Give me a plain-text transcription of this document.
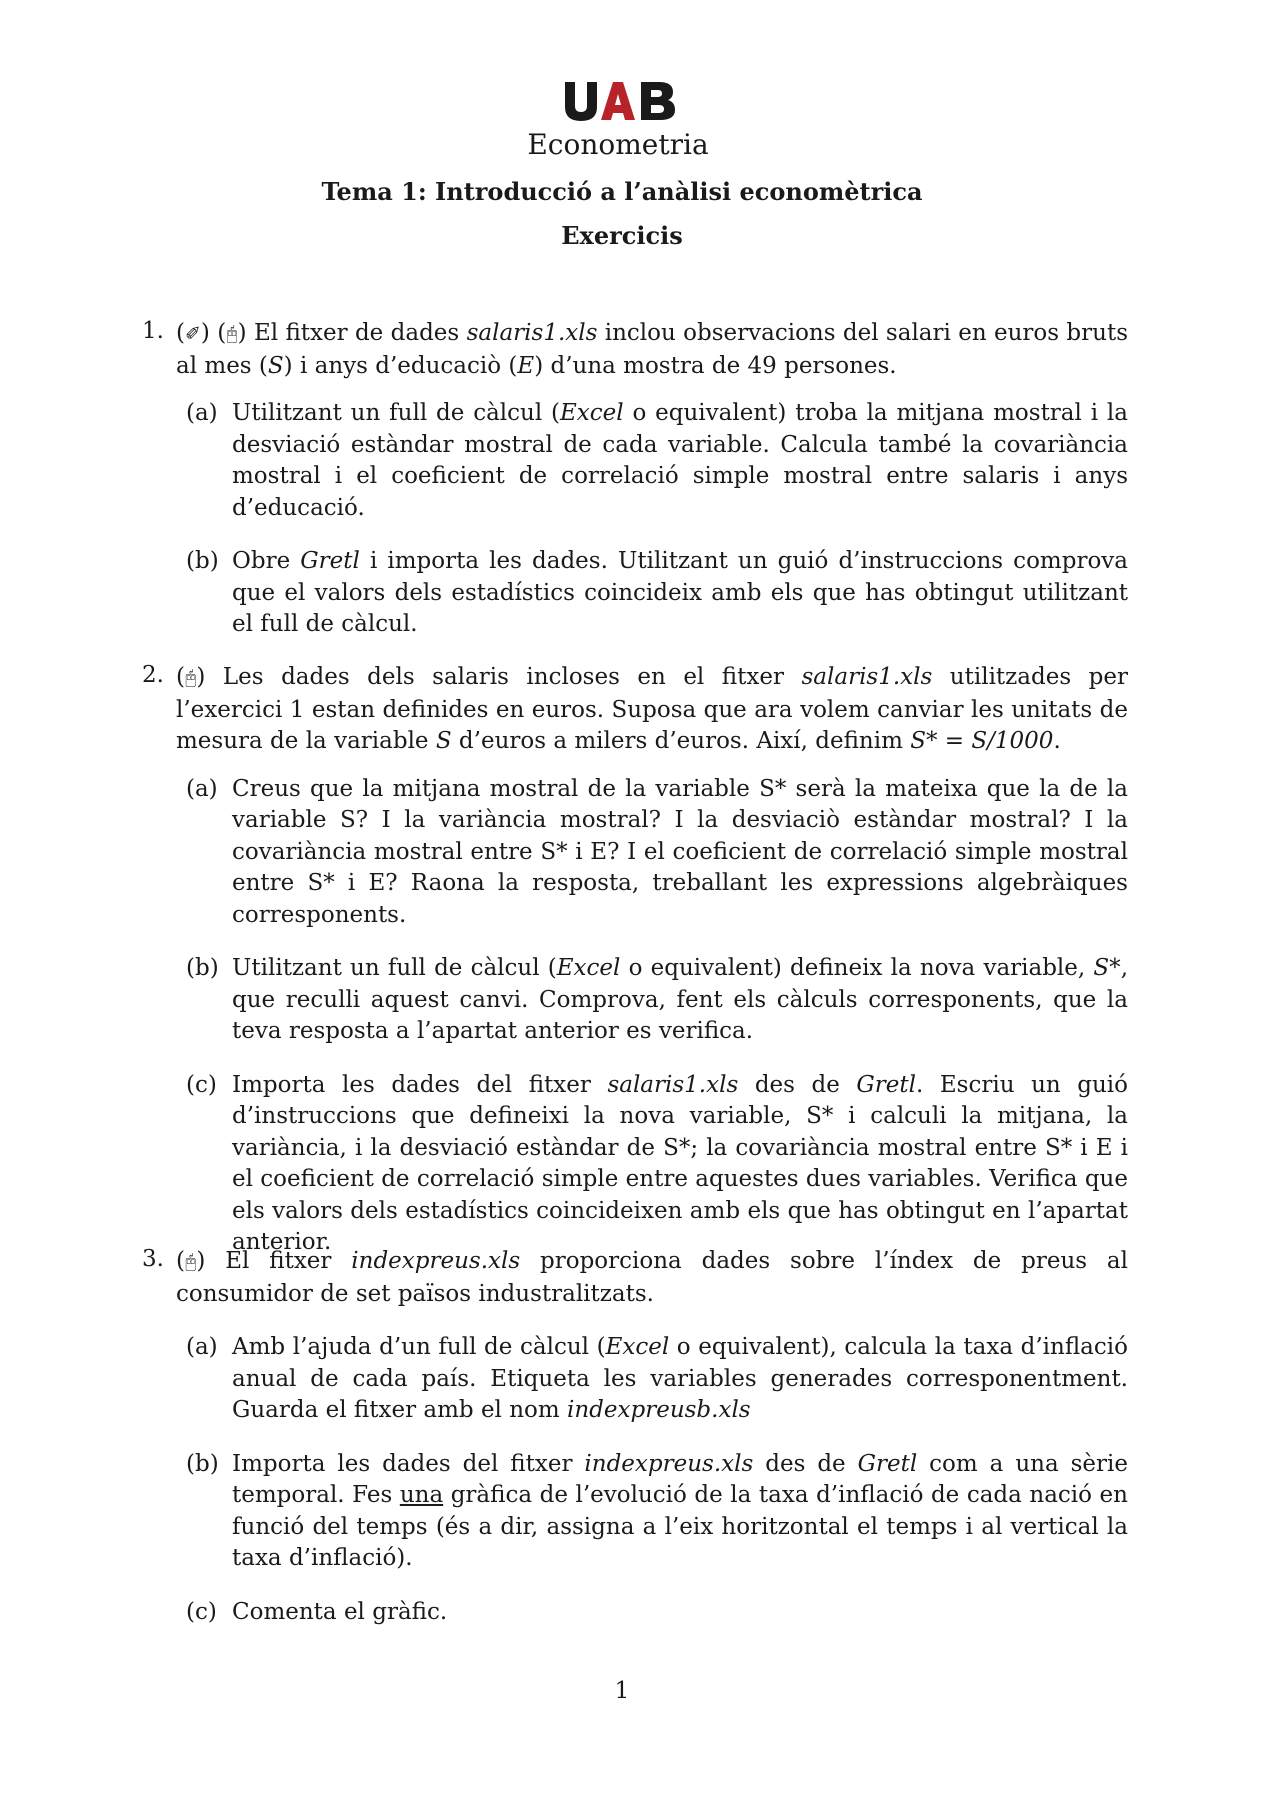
Econometria
Tema 1: Introducció a l’anàlisi economètrica
Exercicis
1. (✐) (🖰) El fitxer de dades salaris1.xls inclou observacions del salari en euros bruts al mes (S) i anys d’educaciò (E) d’una mostra de 49 persones.
(a) Utilitzant un full de càlcul (Excel o equivalent) troba la mitjana mostral i la desviació estàndar mostral de cada variable. Calcula també la covariància mostral i el coeficient de correlació simple mostral entre salaris i anys d’educació.
(b) Obre Gretl i importa les dades. Utilitzant un guió d’instruccions comprova que el valors dels estadístics coincideix amb els que has obtingut utilitzant el full de càlcul.
2. (🖰) Les dades dels salaris incloses en el fitxer salaris1.xls utilitzades per l’exercici 1 estan definides en euros. Suposa que ara volem canviar les unitats de mesura de la variable S d’euros a milers d’euros. Així, definim S* = S/1000.
(a) Creus que la mitjana mostral de la variable S* serà la mateixa que la de la variable S? I la variància mostral? I la desviaciò estàndar mostral? I la covariància mostral entre S* i E? I el coeficient de correlació simple mostral entre S* i E? Raona la resposta, treballant les expressions algebràiques corresponents.
(b) Utilitzant un full de càlcul (Excel o equivalent) defineix la nova variable, S*, que reculli aquest canvi. Comprova, fent els càlculs corresponents, que la teva resposta a l’apartat anterior es verifica.
(c) Importa les dades del fitxer salaris1.xls des de Gretl. Escriu un guió d’instruccions que defineixi la nova variable, S* i calculi la mitjana, la variància, i la desviació estàndar de S*; la covariància mostral entre S* i E i el coeficient de correlació simple entre aquestes dues variables. Verifica que els valors dels estadístics coincideixen amb els que has obtingut en l’apartat anterior.
3. (🖰) El fitxer indexpreus.xls proporciona dades sobre l’índex de preus al consumidor de set països industralitzats.
(a) Amb l’ajuda d’un full de càlcul (Excel o equivalent), calcula la taxa d’inflació anual de cada país. Etiqueta les variables generades corresponentment. Guarda el fitxer amb el nom indexpreusb.xls
(b) Importa les dades del fitxer indexpreus.xls des de Gretl com a una sèrie temporal. Fes una gràfica de l’evolució de la taxa d’inflació de cada nació en funció del temps (és a dir, assigna a l’eix horitzontal el temps i al vertical la taxa d’inflació).
(c) Comenta el gràfic.
1
